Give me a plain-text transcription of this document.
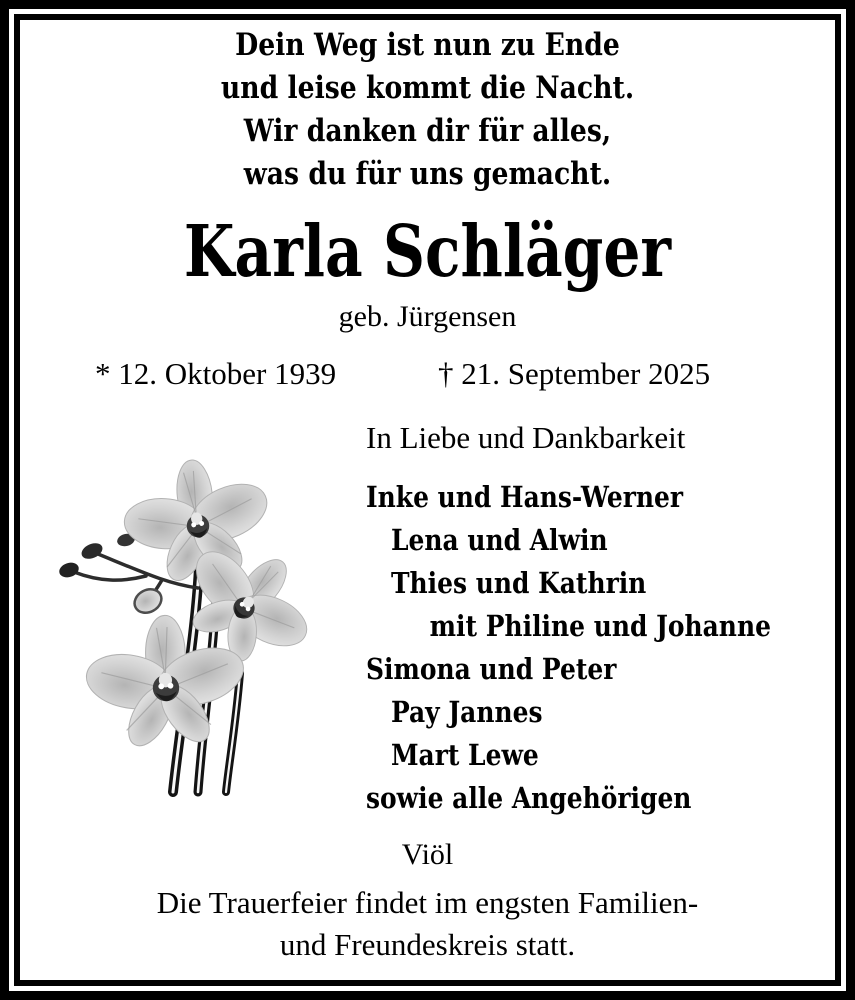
Dein Weg ist nun zu Ende
und leise kommt die Nacht.
Wir danken dir für alles,
was du für uns gemacht.
Karla Schläger
geb. Jürgensen
* 12. Oktober 1939	† 21. September 2025
In Liebe und Dankbarkeit
Inke und Hans-Werner
Lena und Alwin
Thies und Kathrin
mit Philine und Johanne
Simona und Peter
Pay Jannes
Mart Lewe
sowie alle Angehörigen
Viöl
Die Trauerfeier findet im engsten Familien-
und Freundeskreis statt.
